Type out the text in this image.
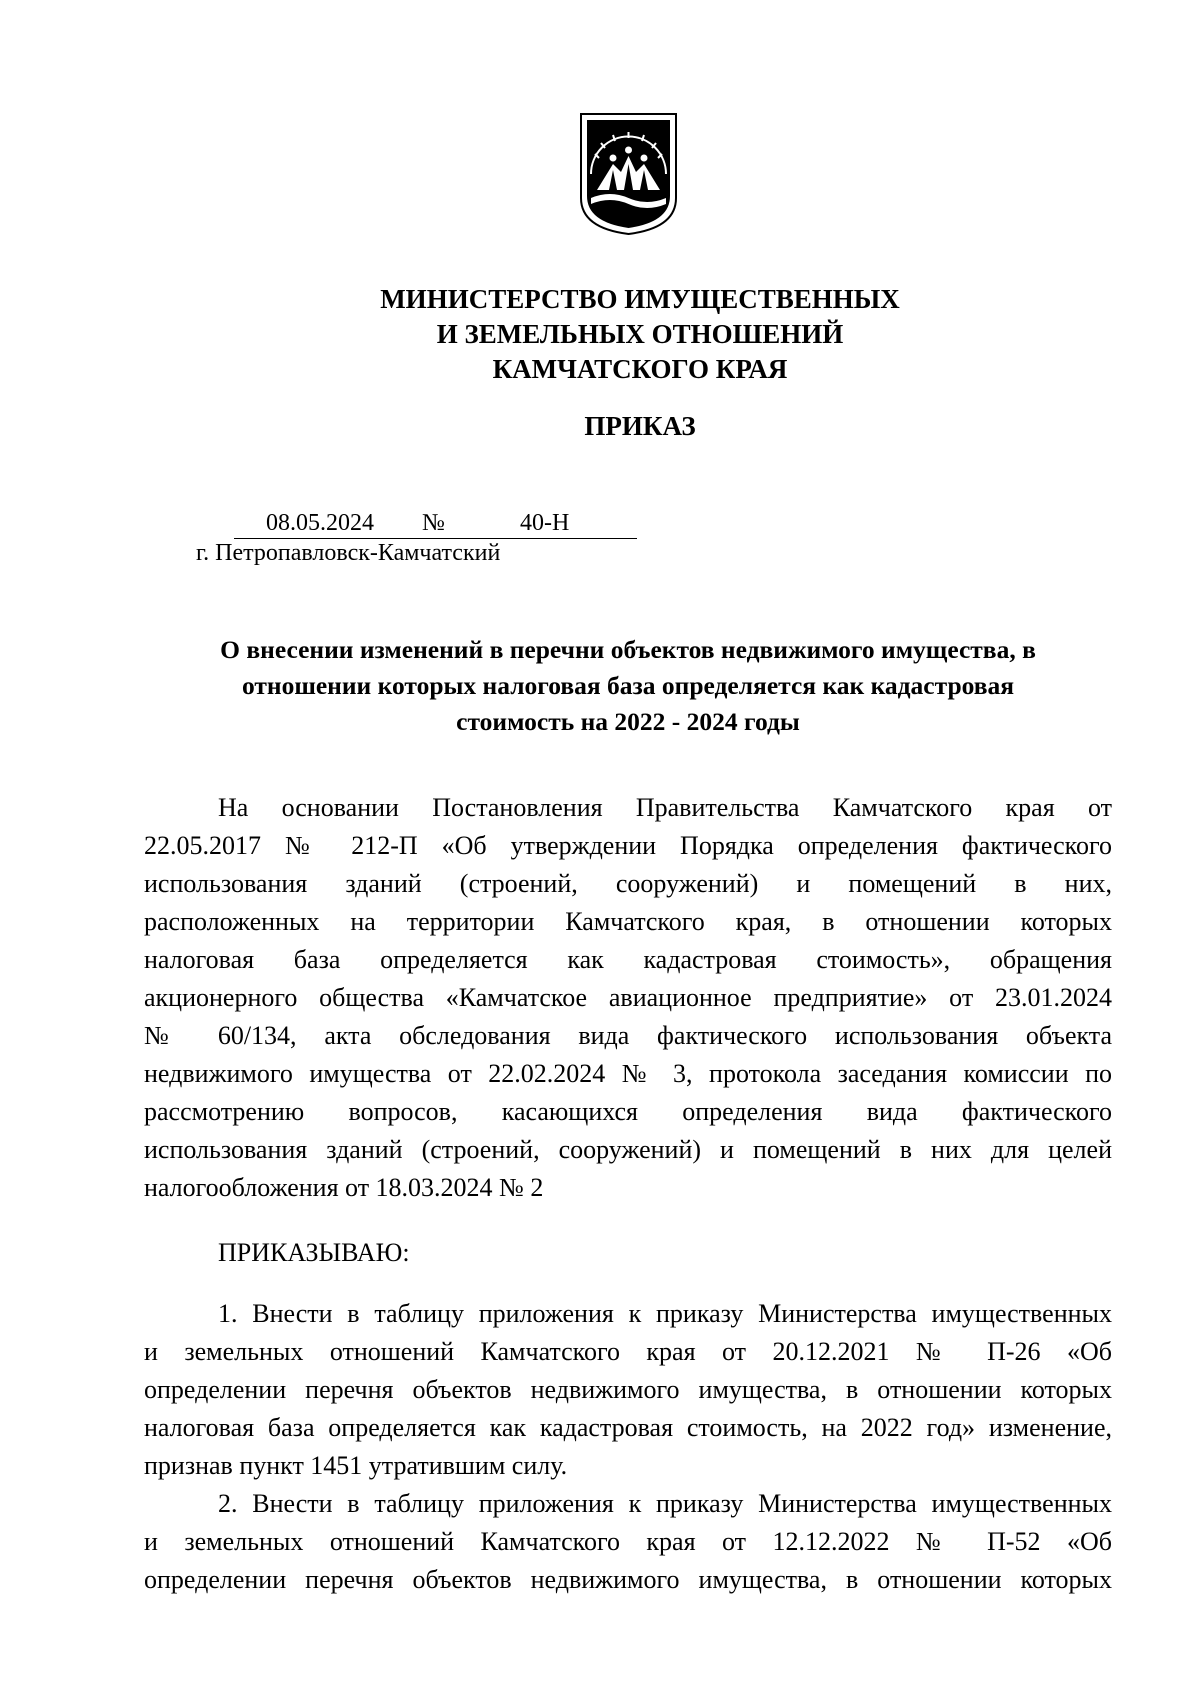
МИНИСТЕРСТВО ИМУЩЕСТВЕННЫХ
И ЗЕМЕЛЬНЫХ ОТНОШЕНИЙ
КАМЧАТСКОГО КРАЯ
ПРИКАЗ
08.05.2024 №	40-Н
г. Петропавловск-Камчатский
О внесении изменений в перечни объектов недвижимого имущества, в
отношении которых налоговая база определяется как кадастровая
стоимость на 2022 - 2024 годы
На основании Постановления Правительства Камчатского края от
22.05.2017 № 212-П «Об утверждении Порядка определения фактического
использования зданий (строений, сооружений) и помещений в них,
расположенных на территории Камчатского края, в отношении которых
налоговая база определяется как кадастровая стоимость», обращения
акционерного общества «Камчатское авиационное предприятие» от 23.01.2024
№ 60/134, акта обследования вида фактического использования объекта
недвижимого имущества от 22.02.2024 № 3, протокола заседания комиссии по
рассмотрению вопросов, касающихся определения вида фактического
использования зданий (строений, сооружений) и помещений в них для целей
налогообложения от 18.03.2024 № 2
ПРИКАЗЫВАЮ:
1. Внести в таблицу приложения к приказу Министерства имущественных
и земельных отношений Камчатского края от 20.12.2021 № П-26 «Об
определении перечня объектов недвижимого имущества, в отношении которых
налоговая база определяется как кадастровая стоимость, на 2022 год» изменение,
признав пункт 1451 утратившим силу.
2. Внести в таблицу приложения к приказу Министерства имущественных
и земельных отношений Камчатского края от 12.12.2022 № П-52 «Об
определении перечня объектов недвижимого имущества, в отношении которых
